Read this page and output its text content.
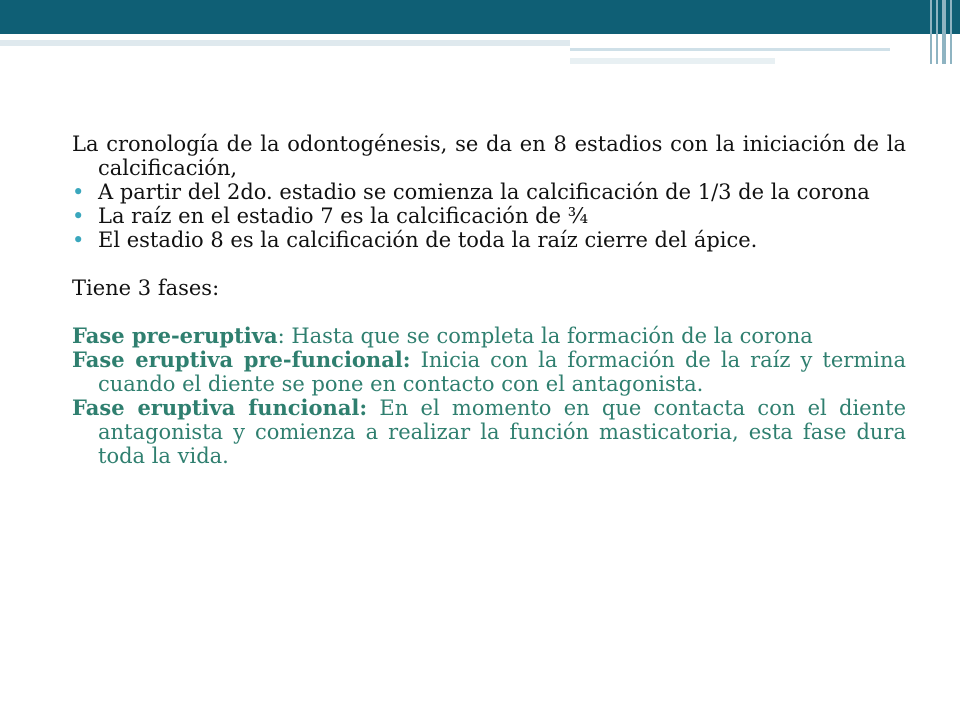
La cronología de la odontogénesis, se da en 8 estadios con la iniciación de la calcificación,

• A partir del 2do. estadio se comienza la calcificación de 1/3 de la corona
• La raíz en el estadio 7 es la calcificación de ¾
• El estadio 8 es la calcificación de toda la raíz cierre del ápice.

Tiene 3 fases:

Fase pre-eruptiva: Hasta que se completa la formación de la corona

Fase eruptiva pre-funcional: Inicia con la formación de la raíz y termina cuando el diente se pone en contacto con el antagonista.

Fase eruptiva funcional: En el momento en que contacta con el diente antagonista y comienza a realizar la función masticatoria, esta fase dura toda la vida.
